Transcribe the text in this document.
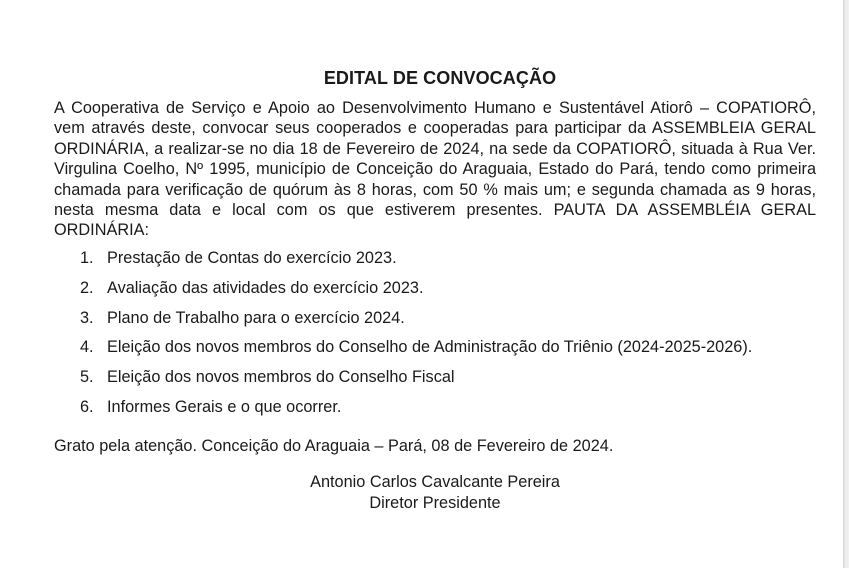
EDITAL DE CONVOCAÇÃO
A Cooperativa de Serviço e Apoio ao Desenvolvimento Humano e Sustentável Atiorô – COPATIORÔ, vem através deste, convocar seus cooperados e cooperadas para participar da ASSEMBLEIA GERAL ORDINÁRIA, a realizar-se no dia 18 de Fevereiro de 2024, na sede da COPATIORÔ, situada à Rua Ver. Virgulina Coelho, Nº 1995, município de Conceição do Araguaia, Estado do Pará, tendo como primeira chamada para verificação de quórum às 8 horas, com 50 % mais um; e segunda chamada as 9 horas, nesta mesma data e local com os que estiverem presentes. PAUTA DA ASSEMBLÉIA GERAL ORDINÁRIA:
1. Prestação de Contas do exercício 2023.
2. Avaliação das atividades do exercício 2023.
3. Plano de Trabalho para o exercício 2024.
4. Eleição dos novos membros do Conselho de Administração do Triênio (2024-2025-2026).
5. Eleição dos novos membros do Conselho Fiscal
6. Informes Gerais e o que ocorrer.
Grato pela atenção. Conceição do Araguaia – Pará, 08 de Fevereiro de 2024.
Antonio Carlos Cavalcante Pereira
Diretor Presidente
